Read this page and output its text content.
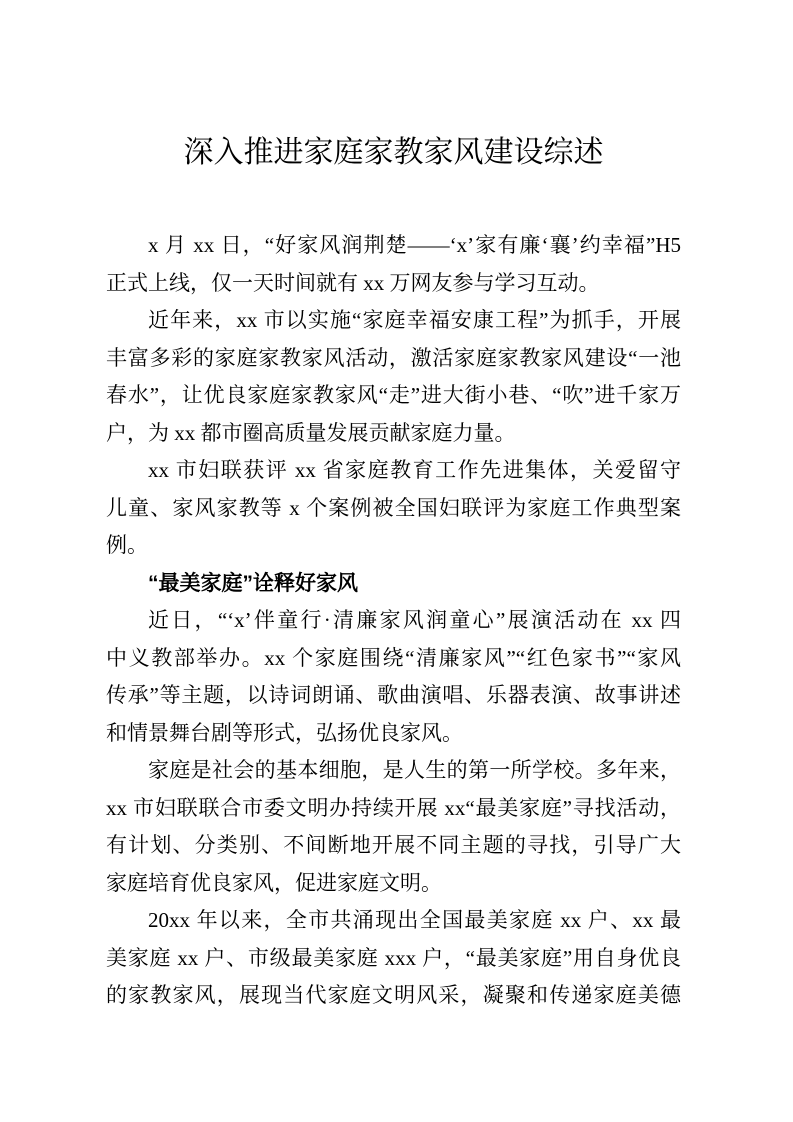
深入推进家庭家教家风建设综述
x 月 xx 日，“好家风润荆楚——‘x’家有廉‘襄’约幸福”H5
正式上线，仅一天时间就有 xx 万网友参与学习互动。
近年来，xx 市以实施“家庭幸福安康工程”为抓手，开展
丰富多彩的家庭家教家风活动，激活家庭家教家风建设“一池
春水”，让优良家庭家教家风“走”进大街小巷、“吹”进千家万
户，为 xx 都市圈高质量发展贡献家庭力量。
xx 市妇联获评 xx 省家庭教育工作先进集体，关爱留守
儿童、家风家教等 x 个案例被全国妇联评为家庭工作典型案
例。
“最美家庭”诠释好家风
近日，“‘x’伴童行·清廉家风润童心”展演活动在 xx 四
中义教部举办。xx 个家庭围绕“清廉家风”“红色家书”“家风
传承”等主题，以诗词朗诵、歌曲演唱、乐器表演、故事讲述
和情景舞台剧等形式，弘扬优良家风。
家庭是社会的基本细胞，是人生的第一所学校。多年来，
xx 市妇联联合市委文明办持续开展 xx“最美家庭”寻找活动，
有计划、分类别、不间断地开展不同主题的寻找，引导广大
家庭培育优良家风，促进家庭文明。
20xx 年以来，全市共涌现出全国最美家庭 xx 户、xx 最
美家庭 xx 户、市级最美家庭 xxx 户，“最美家庭”用自身优良
的家教家风，展现当代家庭文明风采，凝聚和传递家庭美德
